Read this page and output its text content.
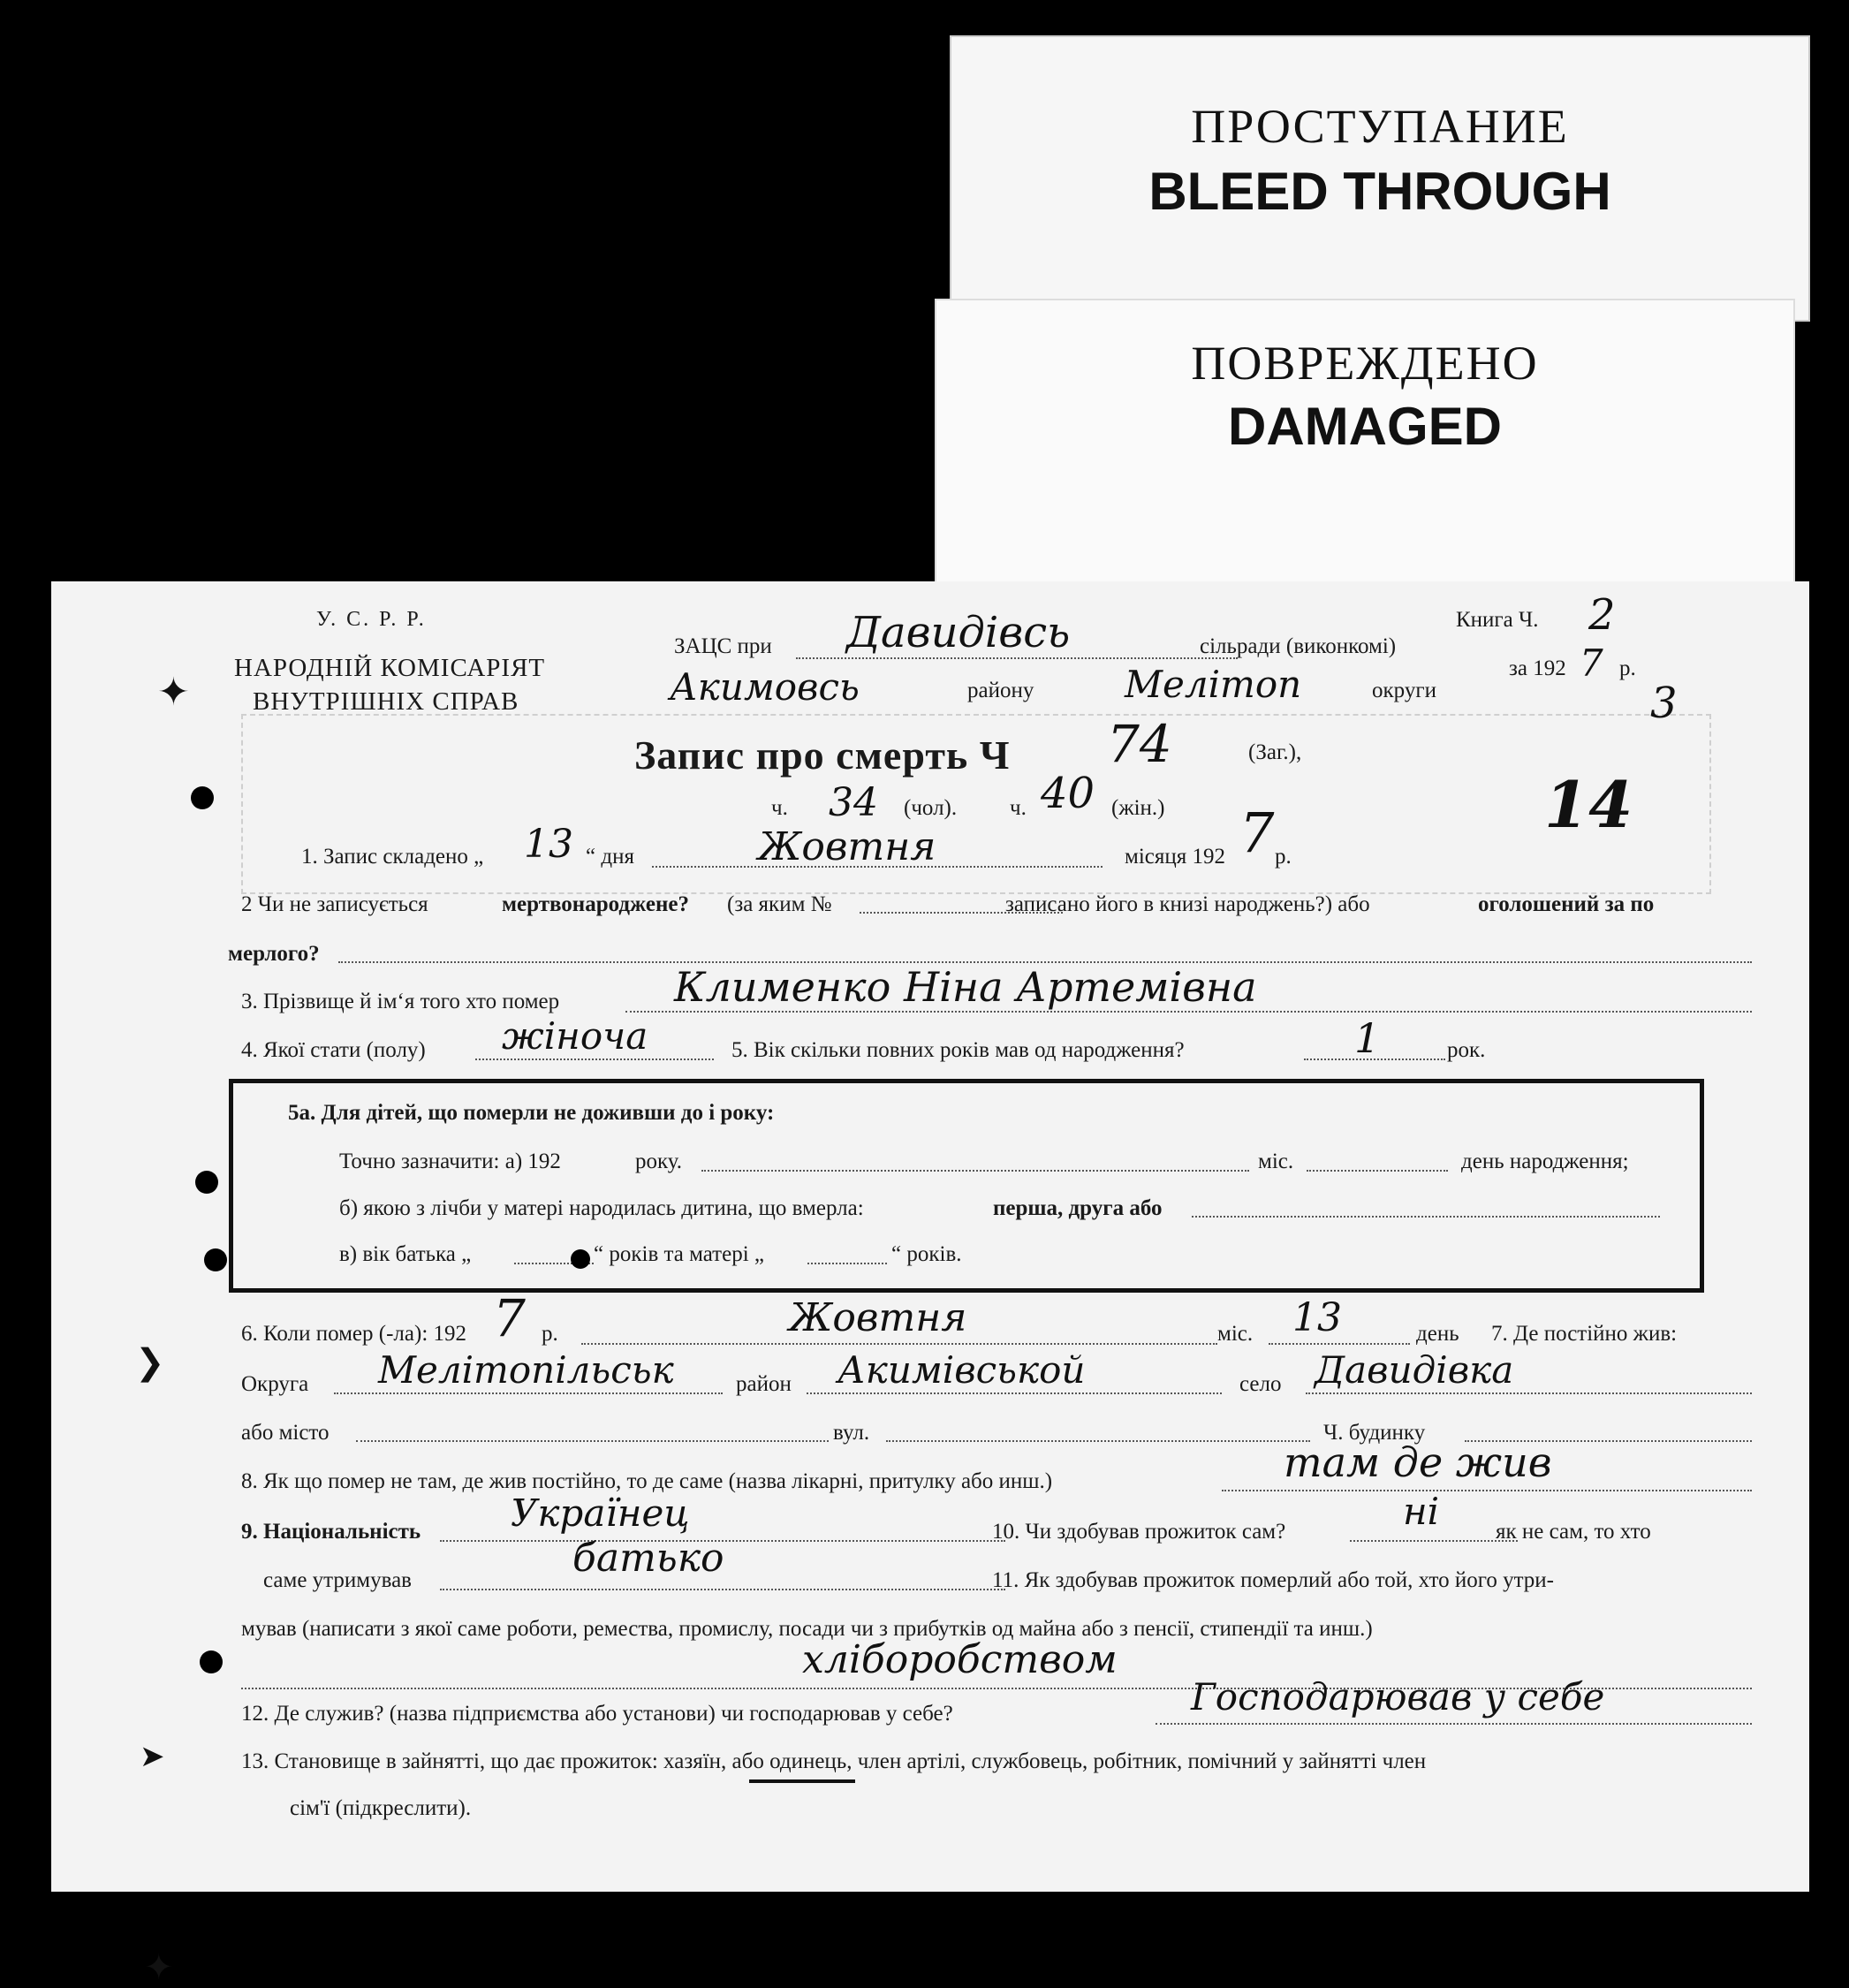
ПРОСТУПАНИЕ
BLEED THROUGH
ПОВРЕЖДЕНО
DAMAGED
✦
❯
➤
✦
У. С. Р. Р.
НАРОДНІЙ КОМІСАРІЯТ
ВНУТРІШНІХ СПРАВ
ЗАЦС при Давидівсь	сільради (виконкомі)
Акимовсь	району Мелітоп	округи
Книга Ч. 2
за 192 7 р.
3
14
Запис про смерть Ч 74	(Заг.),
ч. 34 (чол). ч. 40 (жін.)
1. Запис складено „ 13 “ дня	Жовтня	місяця 192 7 р.
2 Чи не записується	мертвонароджене? (за яким №	записано його в книзі народжень?) або	оголошений за по
мерлого?
3. Прізвище й ім‘я того хто помер	Клименко Ніна Артемівна
4. Якої стати (полу) жіноча	5. Вік скільки повних років мав од народження?	1	рок.
5а. Для дітей, що померли не доживши до і року:
Точно зазначити: а) 192	року.	міс.	день народження;
б) якою з лічби у матері народилась дитина, що вмерла:	перша, друга або
в) вік батька „	“ років та матері „	“ років.
6. Коли помер (-ла): 192 7 р.	Жовтня	міс. 13	день 7. Де постійно жив:
Округа Мелітопільськ	район Акимівськой	село Давидівка
або місто	вул.	Ч. будинку
8. Як що помер не там, де жив постійно, то де саме (назва лікарні, притулку або инш.)	там де жив
9. Національність Українец	10. Чи здобував прожиток сам?	ні	як не сам, то хто
саме утримував	батько	11. Як здобував прожиток померлий або той, хто його утри-
мував (написати з якої саме роботи, ремества, промислу, посади чи з прибутків од майна або з пенсії, стипендії та инш.)
хліборобством
12. Де служив? (назва підприємства або установи) чи господарював у себе?	Господарював у себе
13. Становище в зайнятті, що дає прожиток: хазяїн, або одинець, член артілі, службовець, робітник, помічний у зайнятті член
сім'ї (підкреслити).
